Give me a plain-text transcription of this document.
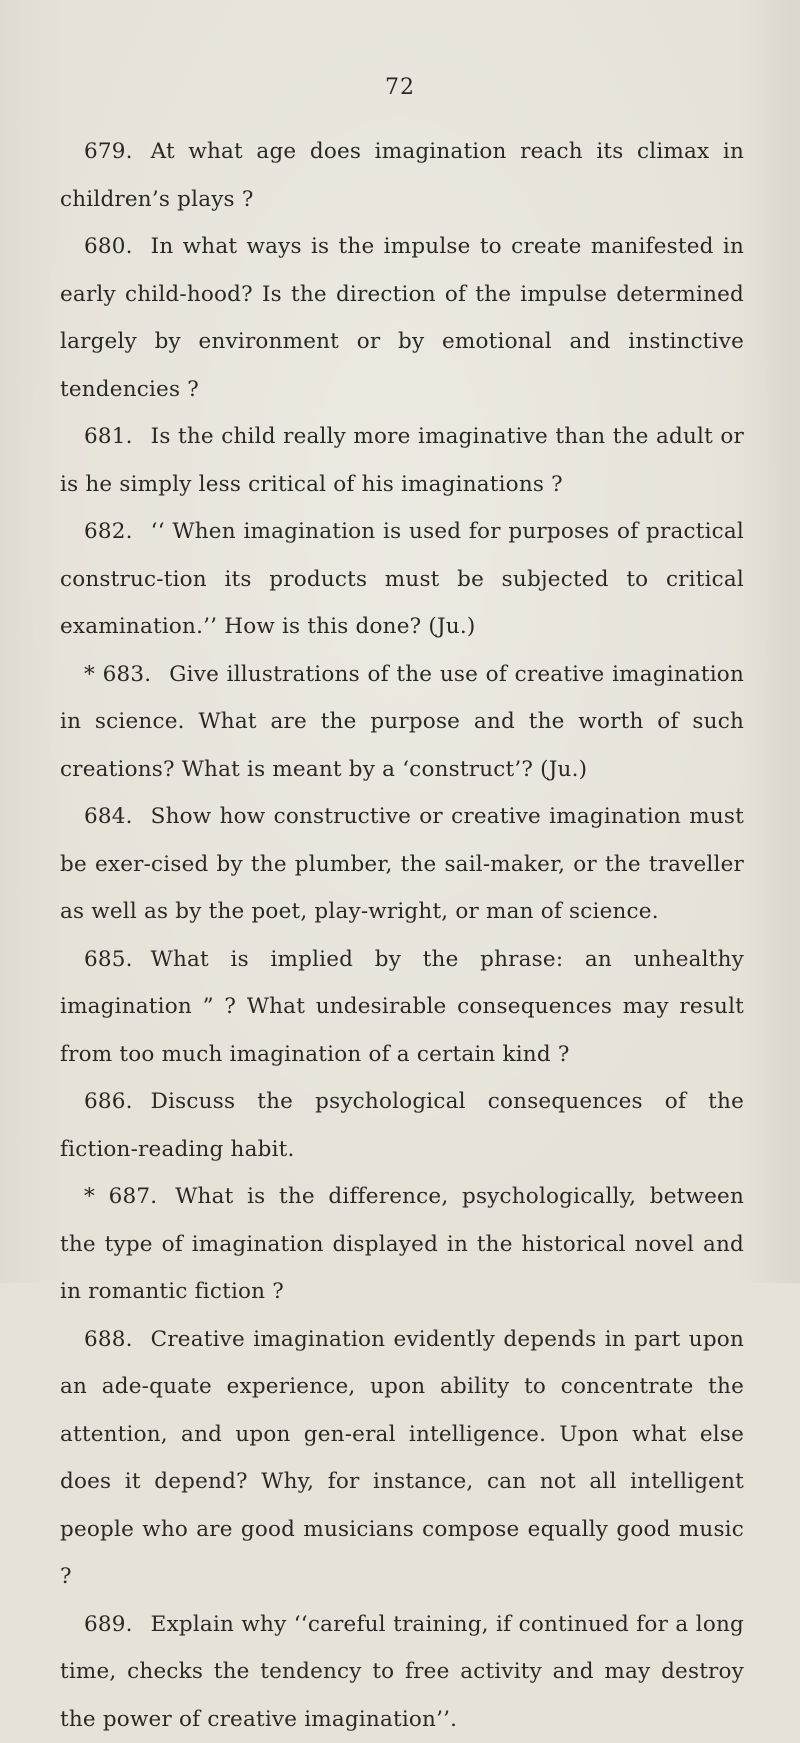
72

679. At what age does imagination reach its climax in children’s plays ?

680. In what ways is the impulse to create manifested in early child-hood? Is the direction of the impulse determined largely by environment or by emotional and instinctive tendencies ?

681. Is the child really more imaginative than the adult or is he simply less critical of his imaginations ?

682. ‘‘ When imagination is used for purposes of practical construc-tion its products must be subjected to critical examination.’’ How is this done? (Ju.)

* 683. Give illustrations of the use of creative imagination in science. What are the purpose and the worth of such creations? What is meant by a ‘construct’? (Ju.)

684. Show how constructive or creative imagination must be exer-cised by the plumber, the sail-maker, or the traveller as well as by the poet, play-wright, or man of science.

685. What is implied by the phrase: an unhealthy imagination ” ? What undesirable consequences may result from too much imagination of a certain kind ?

686. Discuss the psychological consequences of the fiction-reading habit.

* 687. What is the difference, psychologically, between the type of imagination displayed in the historical novel and in romantic fiction ?

688. Creative imagination evidently depends in part upon an ade-quate experience, upon ability to concentrate the attention, and upon gen-eral intelligence. Upon what else does it depend? Why, for instance, can not all intelligent people who are good musicians compose equally good music ?

689. Explain why ‘‘careful training, if continued for a long time, checks the tendency to free activity and may destroy the power of creative imagination’’.
